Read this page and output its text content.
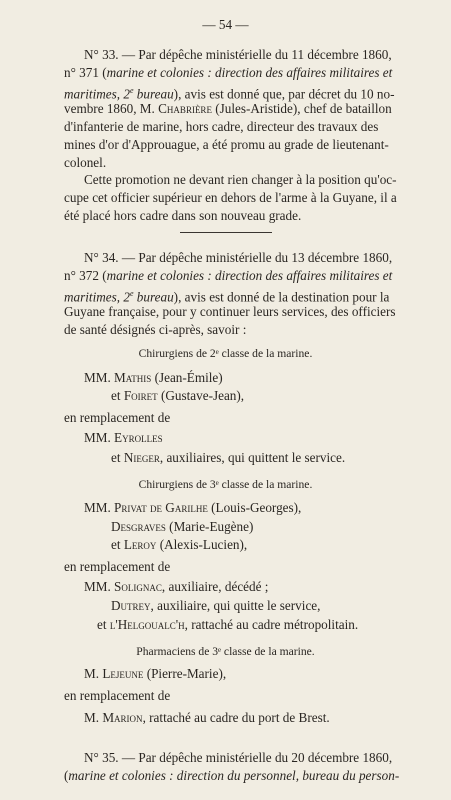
— 54 —
N° 33. — Par dépêche ministérielle du 11 décembre 1860,
n° 371 (marine et colonies : direction des affaires militaires et
maritimes, 2e bureau), avis est donné que, par décret du 10 no-
vembre 1860, M. Chabrière (Jules-Aristide), chef de bataillon
d'infanterie de marine, hors cadre, directeur des travaux des
mines d'or d'Approuague, a été promu au grade de lieutenant-
colonel.
Cette promotion ne devant rien changer à la position qu'oc-
cupe cet officier supérieur en dehors de l'arme à la Guyane, il a
été placé hors cadre dans son nouveau grade.
N° 34. — Par dépêche ministérielle du 13 décembre 1860,
n° 372 (marine et colonies : direction des affaires militaires et
maritimes, 2e bureau), avis est donné de la destination pour la
Guyane française, pour y continuer leurs services, des officiers
de santé désignés ci-après, savoir :
Chirurgiens de 2ᵉ classe de la marine.
MM. Mathis (Jean-Émile)
et Foiret (Gustave-Jean),
en remplacement de
MM. Eyrolles
et Nieger, auxiliaires, qui quittent le service.
Chirurgiens de 3ᵉ classe de la marine.
MM. Privat de Garilhe (Louis-Georges),
Desgraves (Marie-Eugène)
et Leroy (Alexis-Lucien),
en remplacement de
MM. Solignac, auxiliaire, décédé ;
Dutrey, auxiliaire, qui quitte le service,
et l'Helgoualc'h, rattaché au cadre métropolitain.
Pharmaciens de 3ᵉ classe de la marine.
M. Lejeune (Pierre-Marie),
en remplacement de
M. Marion, rattaché au cadre du port de Brest.
N° 35. — Par dépêche ministérielle du 20 décembre 1860,
(marine et colonies : direction du personnel, bureau du person-
